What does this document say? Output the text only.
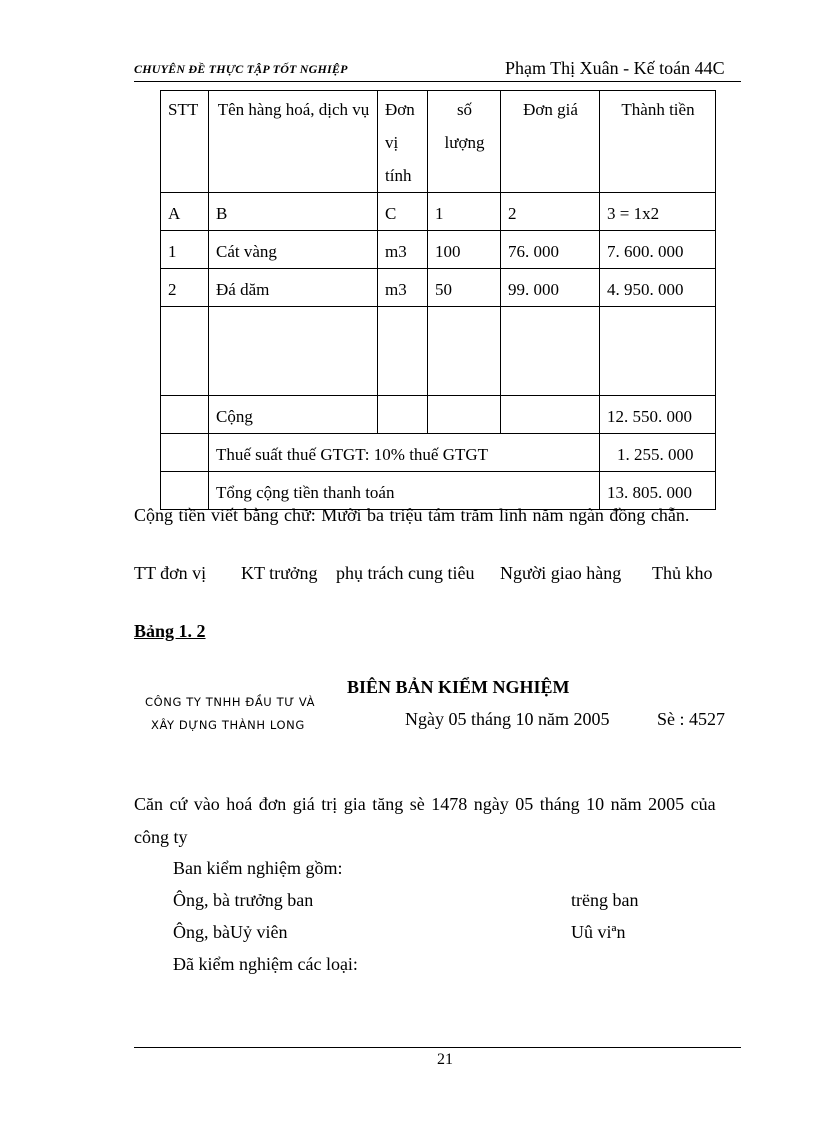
CHUYÊN ĐỀ THỰC TẬP TỐT NGHIỆP	Phạm Thị Xuân - Kế toán 44C
STT	Tên hàng hoá, dịch vụ	Đơn vị tính	số lượng	Đơn giá	Thành tiền
A	B	C	1	2	3 = 1x2
1	Cát vàng	m3	100	76. 000	7. 600. 000
2	Đá dăm	m3	50	99. 000	4. 950. 000

	Cộng				12. 550. 000
	Thuế suất thuế GTGT: 10% thuế GTGT				1. 255. 000
	Tổng cộng tiền thanh toán				13. 805. 000
Cộng tiền viết bằng chữ: Mười ba triệu tám trăm linh năm ngàn đồng chẵn.
TT đơn vị KT trưởng phụ trách cung tiêu Người giao hàng Thủ kho
Bảng 1. 2
CÔNG TY TNHH ĐẦU TƯ VÀ
XÂY DỰNG THÀNH LONG
BIÊN BẢN KIỂM NGHIỆM
Ngày 05 tháng 10 năm 2005	Sè : 4527
Căn cứ vào hoá đơn giá trị gia tăng sè 1478 ngày 05 tháng 10 năm 2005 của
công ty
Ban kiểm nghiệm gồm:
Ông, bà trưởng ban	trëng ban
Ông, bàUỷ viên	Uû viªn
Đã kiểm nghiệm các loại:
21
